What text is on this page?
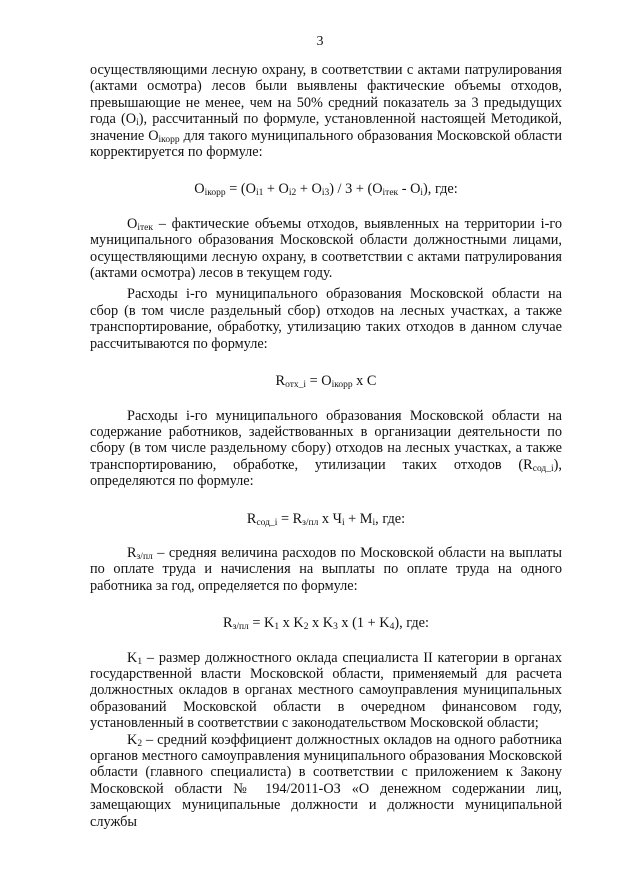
3

осуществляющими лесную охрану, в соответствии с актами патрулирования (актами осмотра) лесов были выявлены фактические объемы отходов, превышающие не менее, чем на 50% средний показатель за 3 предыдущих года $(O_i)$, рассчитанный по формуле, установленной настоящей Методикой, значение $O_{iкорр}$ для такого муниципального образования Московской области корректируется по формуле:

$O_{iкорр} = (O_{i1} + O_{i2} + O_{i3}) / 3 + (O_{iтек} - O_i)$, где:

$O_{iтек}$ – фактические объемы отходов, выявленных на территории i-го муниципального образования Московской области должностными лицами, осуществляющими лесную охрану, в соответствии с актами патрулирования (актами осмотра) лесов в текущем году.

Расходы i-го муниципального образования Московской области на сбор (в том числе раздельный сбор) отходов на лесных участках, а также транспортирование, обработку, утилизацию таких отходов в данном случае рассчитываются по формуле:

$R_{отх\_i} = O_{iкорр}$ x C

Расходы i-го муниципального образования Московской области на содержание работников, задействованных в организации деятельности по сбору (в том числе раздельному сбору) отходов на лесных участках, а также транспортированию, обработке, утилизации таких отходов $(R_{сод\_i})$, определяются по формуле:

$R_{сод\_i} = R_{з/пл}$ x $Ч_i + M_i$, где:

$R_{з/пл}$ – средняя величина расходов по Московской области на выплаты по оплате труда и начисления на выплаты по оплате труда на одного работника за год, определяется по формуле:

$R_{з/пл} = K_1$ x $K_2$ x $K_3$ x $(1 + K_4)$, где:

$K_1$ – размер должностного оклада специалиста II категории в органах государственной власти Московской области, применяемый для расчета должностных окладов в органах местного самоуправления муниципальных образований Московской области в очередном финансовом году, установленный в соответствии с законодательством Московской области;

$K_2$ – средний коэффициент должностных окладов на одного работника органов местного самоуправления муниципального образования Московской области (главного специалиста) в соответствии с приложением к Закону Московской области № 194/2011-ОЗ «О денежном содержании лиц, замещающих муниципальные должности и должности муниципальной службы
